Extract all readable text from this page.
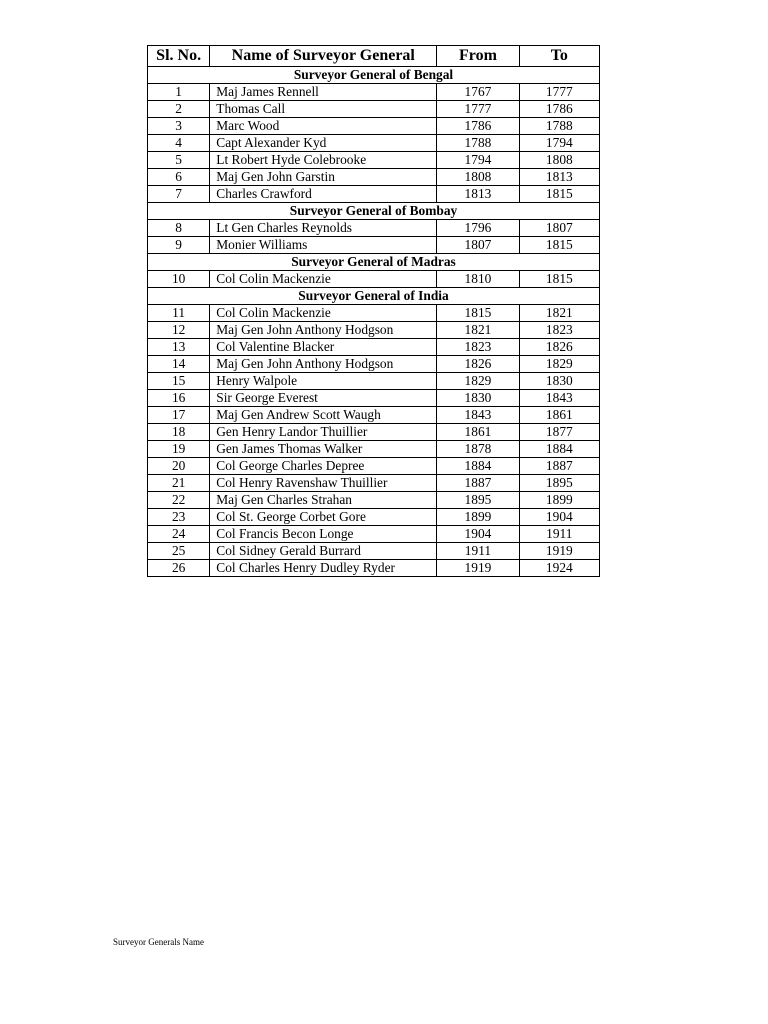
Sl. No.	Name of Surveyor General	From	To
Surveyor General of Bengal			
1	Maj James Rennell	1767	1777
2	Thomas Call	1777	1786
3	Marc Wood	1786	1788
4	Capt Alexander Kyd	1788	1794
5	Lt Robert Hyde Colebrooke	1794	1808
6	Maj Gen John Garstin	1808	1813
7	Charles Crawford	1813	1815
Surveyor General of Bombay			
8	Lt Gen Charles Reynolds	1796	1807
9	Monier Williams	1807	1815
Surveyor General of Madras			
10	Col Colin Mackenzie	1810	1815
Surveyor General of India			
11	Col Colin Mackenzie	1815	1821
12	Maj Gen John Anthony Hodgson	1821	1823
13	Col Valentine Blacker	1823	1826
14	Maj Gen John Anthony Hodgson	1826	1829
15	Henry Walpole	1829	1830
16	Sir George Everest	1830	1843
17	Maj Gen Andrew Scott Waugh	1843	1861
18	Gen Henry Landor Thuillier	1861	1877
19	Gen James Thomas Walker	1878	1884
20	Col George Charles Depree	1884	1887
21	Col Henry Ravenshaw Thuillier	1887	1895
22	Maj Gen Charles Strahan	1895	1899
23	Col St. George Corbet Gore	1899	1904
24	Col Francis Becon Longe	1904	1911
25	Col Sidney Gerald Burrard	1911	1919
26	Col Charles Henry Dudley Ryder	1919	1924
Surveyor Generals Name
